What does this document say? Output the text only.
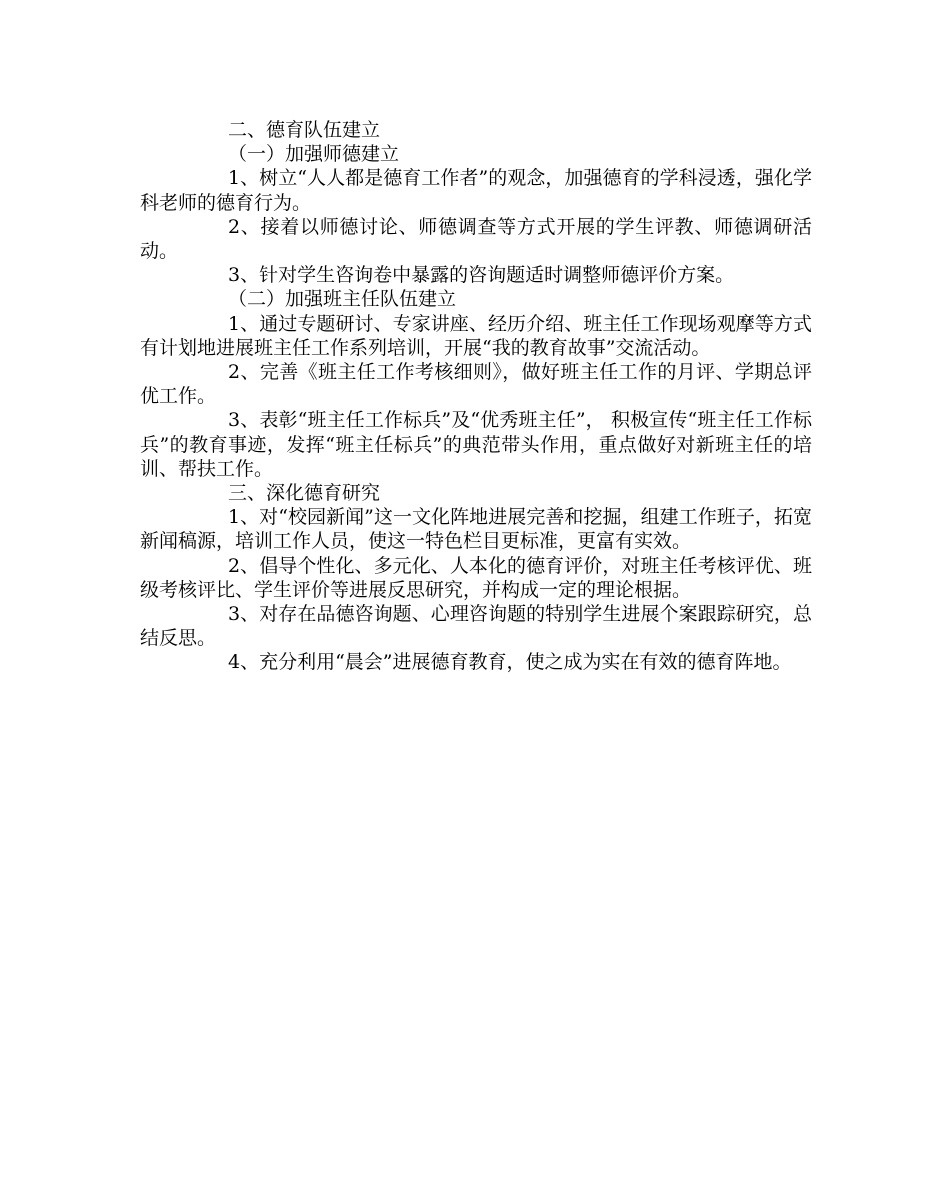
二、德育队伍建立

（一）加强师德建立

1、树立“人人都是德育工作者”的观念，加强德育的学科浸透，强化学科老师的德育行为。

2、接着以师德讨论、师德调查等方式开展的学生评教、师德调研活动。

3、针对学生咨询卷中暴露的咨询题适时调整师德评价方案。

（二）加强班主任队伍建立

1、通过专题研讨、专家讲座、经历介绍、班主任工作现场观摩等方式有计划地进展班主任工作系列培训，开展“我的教育故事”交流活动。

2、完善《班主任工作考核细则》，做好班主任工作的月评、学期总评优工作。

3、表彰“班主任工作标兵”及“优秀班主任”， 积极宣传“班主任工作标兵”的教育事迹，发挥“班主任标兵”的典范带头作用，重点做好对新班主任的培训、帮扶工作。

三、深化德育研究

1、对“校园新闻”这一文化阵地进展完善和挖掘，组建工作班子，拓宽新闻稿源，培训工作人员，使这一特色栏目更标准，更富有实效。

2、倡导个性化、多元化、人本化的德育评价，对班主任考核评优、班级考核评比、学生评价等进展反思研究，并构成一定的理论根据。

3、对存在品德咨询题、心理咨询题的特别学生进展个案跟踪研究，总结反思。

4、充分利用“晨会”进展德育教育，使之成为实在有效的德育阵地。
